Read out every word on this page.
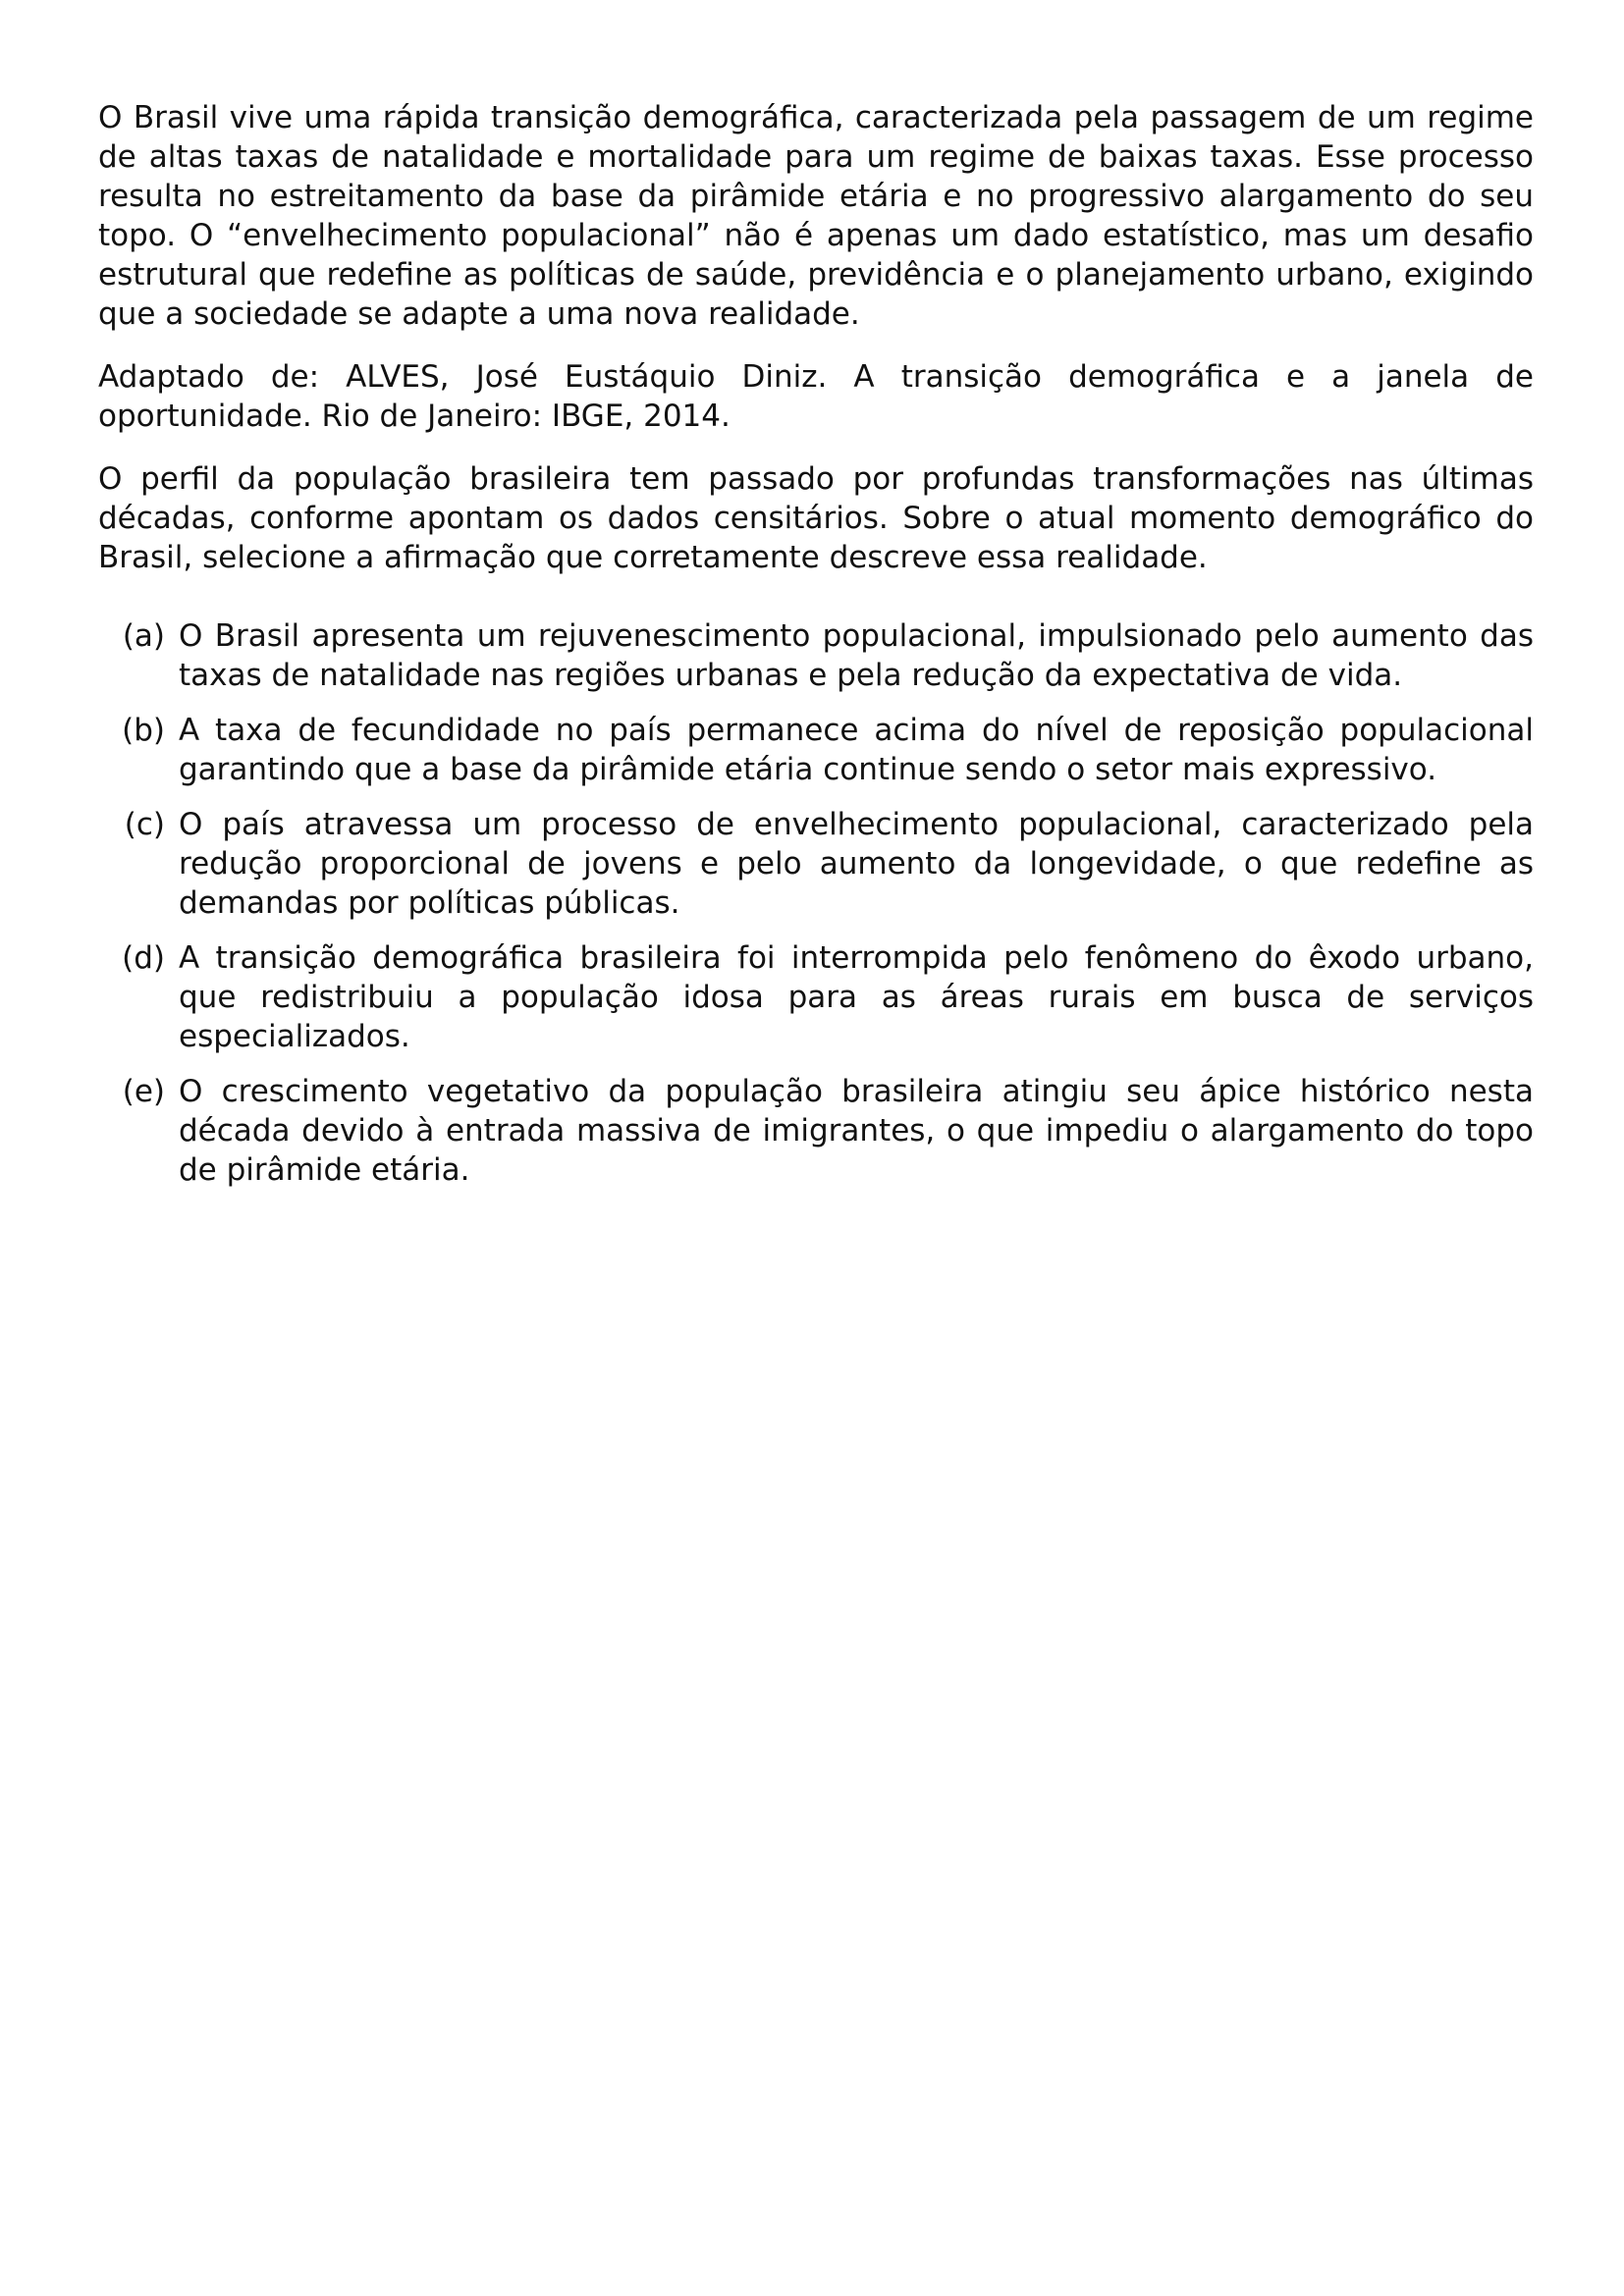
O Brasil vive uma rápida transição demográfica, caracterizada pela passagem de um regime de altas taxas de natalidade e mortalidade para um regime de baixas taxas. Esse processo resulta no estreitamento da base da pirâmide etária e no progressivo alargamento do seu topo. O “envelhecimento populacional” não é apenas um dado estatístico, mas um desafio estrutural que redefine as políticas de saúde, previdência e o planejamento urbano, exigindo que a sociedade se adapte a uma nova realidade.

Adaptado de: ALVES, José Eustáquio Diniz. A transição demográfica e a janela de oportunidade. Rio de Janeiro: IBGE, 2014.

O perfil da população brasileira tem passado por profundas transformações nas últimas décadas, conforme apontam os dados censitários. Sobre o atual momento demográfico do Brasil, selecione a afirmação que corretamente descreve essa realidade.

(a) O Brasil apresenta um rejuvenescimento populacional, impulsionado pelo aumento das taxas de natalidade nas regiões urbanas e pela redução da expectativa de vida.
(b) A taxa de fecundidade no país permanece acima do nível de reposição populacional garantindo que a base da pirâmide etária continue sendo o setor mais expressivo.
(c) O país atravessa um processo de envelhecimento populacional, caracterizado pela redução proporcional de jovens e pelo aumento da longevidade, o que redefine as demandas por políticas públicas.
(d) A transição demográfica brasileira foi interrompida pelo fenômeno do êxodo urbano, que redistribuiu a população idosa para as áreas rurais em busca de serviços especializados.
(e) O crescimento vegetativo da população brasileira atingiu seu ápice histórico nesta década devido à entrada massiva de imigrantes, o que impediu o alargamento do topo de pirâmide etária.
